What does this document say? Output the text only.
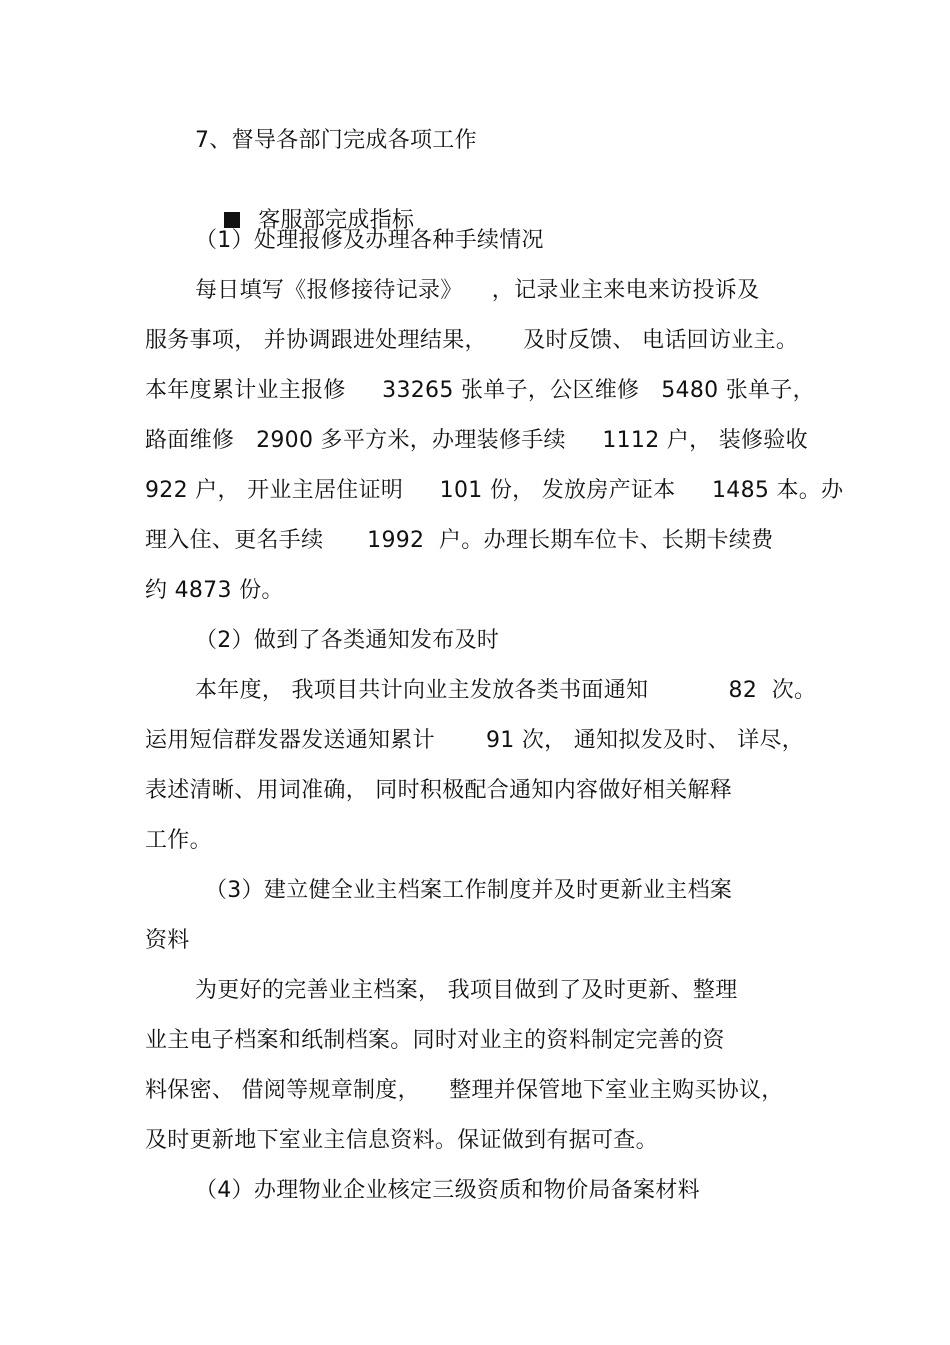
7、督导各部门完成各项工作

客服部完成指标

（1）处理报修及办理各种手续情况
每日填写《报修接待记录》    ，记录业主来电来访投诉及
服务事项， 并协调跟进处理结果，     及时反馈、 电话回访业主。
本年度累计业主报修     33265 张单子，公区维修   5480 张单子，
路面维修   2900 多平方米，办理装修手续     1112 户， 装修验收
922 户， 开业主居住证明     101 份， 发放房产证本     1485 本。办
理入住、更名手续      1992  户。办理长期车位卡、长期卡续费
约 4873 份。
（2）做到了各类通知发布及时
本年度， 我项目共计向业主发放各类书面通知           82  次。
运用短信群发器发送通知累计       91 次， 通知拟发及时、 详尽，
表述清晰、用词准确， 同时积极配合通知内容做好相关解释
工作。
（3）建立健全业主档案工作制度并及时更新业主档案
资料
为更好的完善业主档案， 我项目做到了及时更新、整理
业主电子档案和纸制档案。同时对业主的资料制定完善的资
料保密、 借阅等规章制度，    整理并保管地下室业主购买协议，
及时更新地下室业主信息资料。保证做到有据可查。
（4）办理物业企业核定三级资质和物价局备案材料
